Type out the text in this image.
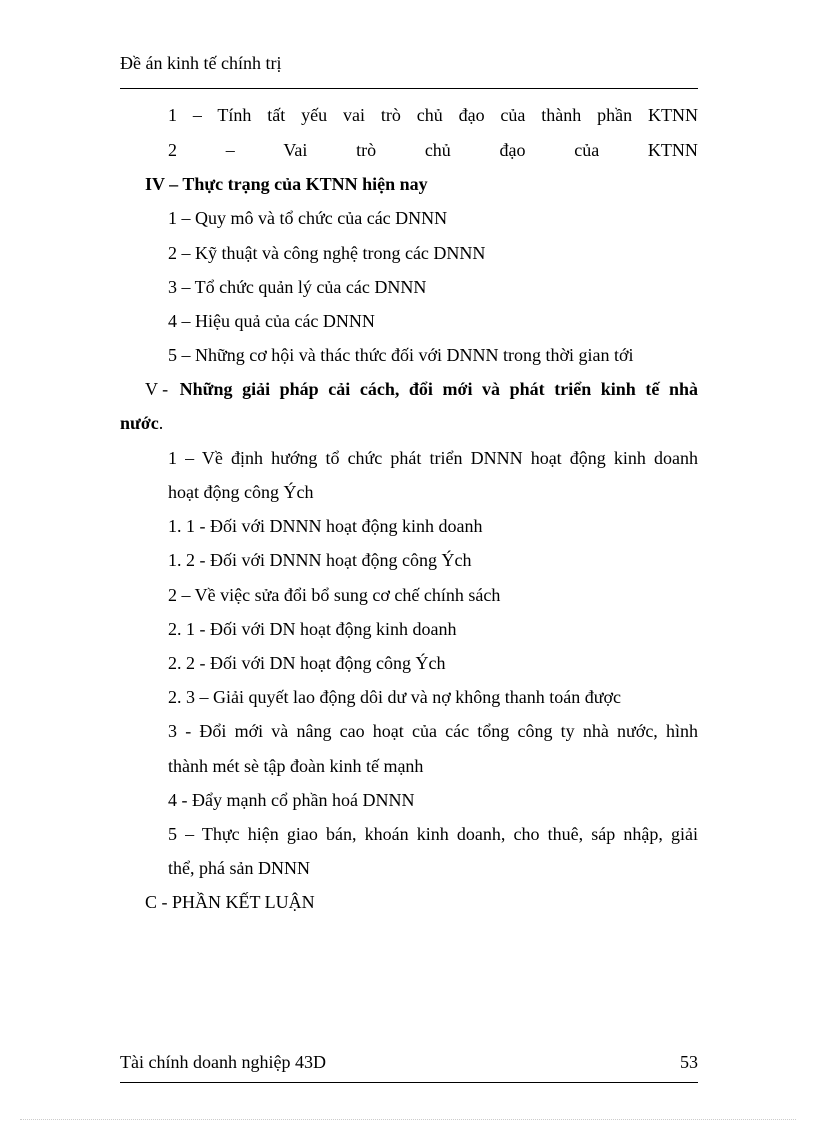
Đề án kinh tế chính trị
1 – Tính tất yếu vai trò chủ đạo của thành phần KTNN
2	–	Vai	trò	chủ	đạo	của	KTNN
IV – Thực trạng của KTNN hiện nay
1 – Quy mô và tổ chức của các DNNN
2 – Kỹ thuật và công nghệ trong các DNNN
3 – Tổ chức quản lý của các DNNN
4 – Hiệu quả của các DNNN
5 – Những cơ hội và thác thức đối với DNNN trong thời gian tới
V - Những giải pháp cải cách, đổi mới và phát triển kinh tế nhà
nước.
1 – Về định hướng tổ chức phát triển DNNN hoạt động kinh doanh
hoạt động công Ých
1. 1 - Đối với DNNN hoạt động kinh doanh
1. 2 - Đối với DNNN hoạt động công Ých
2 – Về việc sửa đổi bổ sung cơ chế chính sách
2. 1 - Đối với DN hoạt động kinh doanh
2. 2 - Đối với DN hoạt động công Ých
2. 3 – Giải quyết lao động dôi dư và nợ không thanh toán được
3 - Đổi mới và nâng cao hoạt của các tổng công ty nhà nước, hình
thành mét sè tập đoàn kinh tế mạnh
4 - Đẩy mạnh cổ phần hoá DNNN
5 – Thực hiện giao bán, khoán kinh doanh, cho thuê, sáp nhập, giải
thể, phá sản DNNN
C - PHẦN KẾT LUẬN
Tài chính doanh nghiệp 43D	53
